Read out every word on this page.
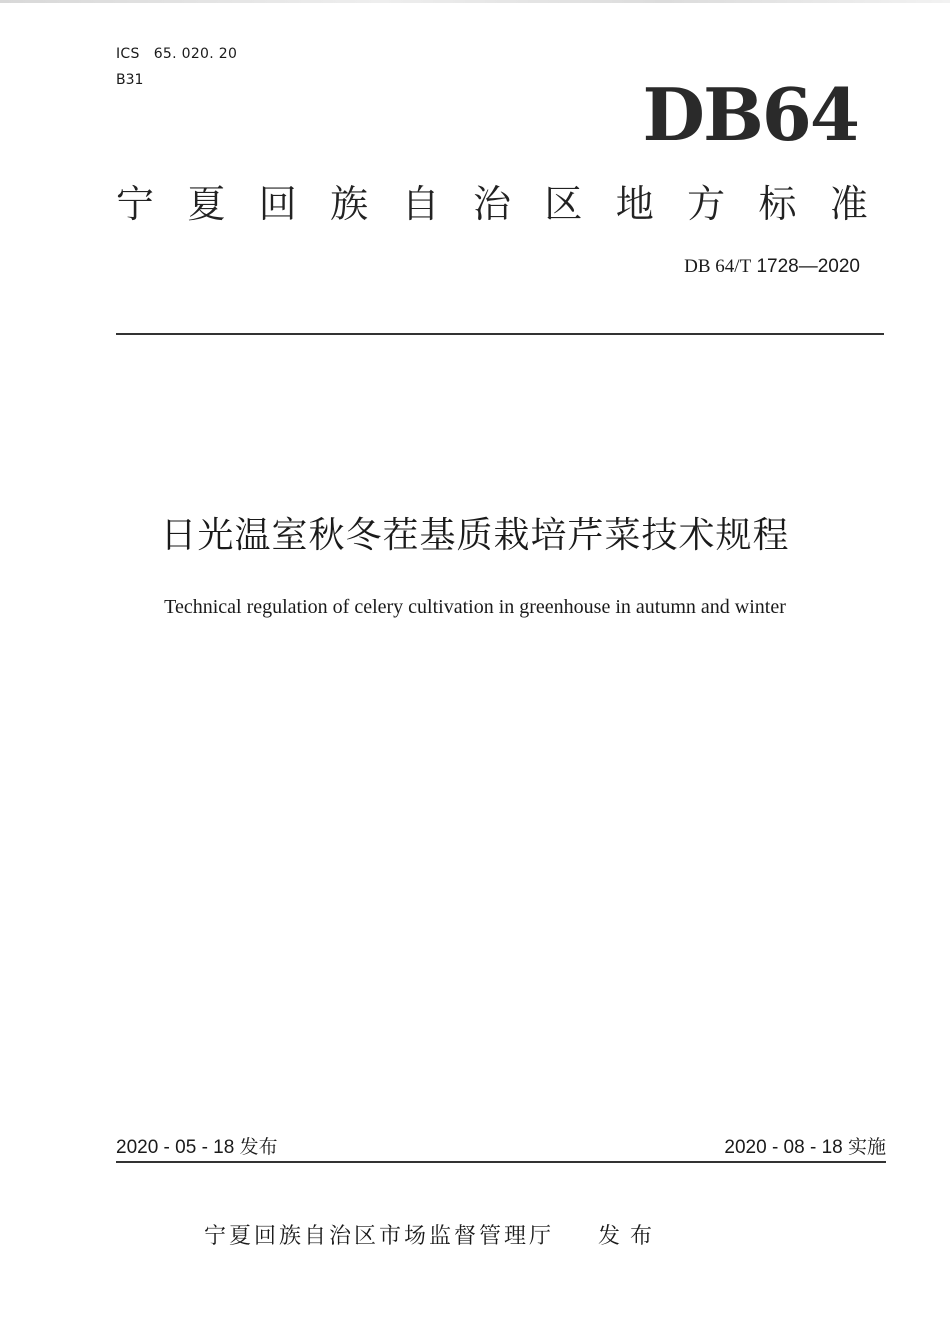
ICS 65. 020. 20
B31	DB64
宁 夏 回 族 自 治 区 地 方 标 准
DB 64/T 1728—2020
日光温室秋冬茬基质栽培芹菜技术规程
Technical regulation of celery cultivation in greenhouse in autumn and winter
2020 - 05 - 18 发布	2020 - 08 - 18 实施
宁夏回族自治区市场监督管理厅 发布
